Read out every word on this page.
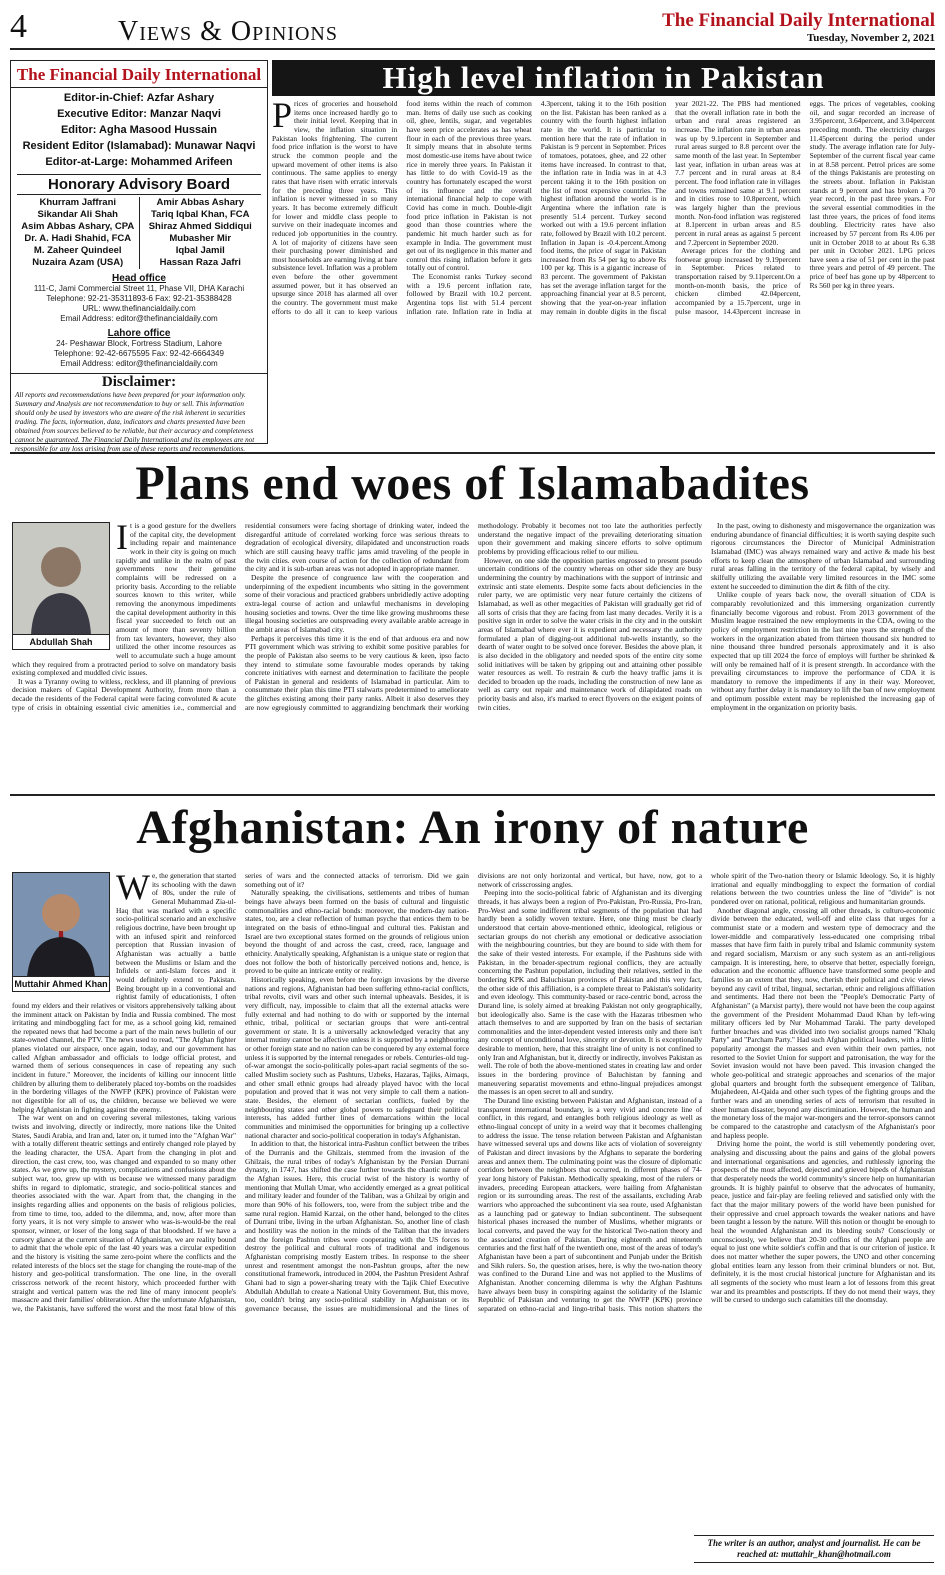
4	Views & Opinions	The Financial Daily International
Tuesday, November 2, 2021
The Financial Daily International
Editor-in-Chief: Azfar Ashary
Executive Editor: Manzar Naqvi
Editor: Agha Masood Hussain
Resident Editor (Islamabad): Munawar Naqvi
Editor-at-Large: Mohammed Arifeen
Honorary Advisory Board
Khurram Jaffrani
Sikandar Ali Shah
Asim Abbas Ashary, CPA
Dr. A. Hadi Shahid, FCA
M. Zaheer Quindeel
Nuzaira Azam (USA)
Amir Abbas Ashary
Tariq Iqbal Khan, FCA
Shiraz Ahmed Siddiqui
Mubasher Mir
Iqbal Jamil
Hassan Raza Jafri
Head office
111-C, Jami Commercial Street 11, Phase VII, DHA Karachi
Telephone: 92-21-35311893-6 Fax: 92-21-35388428
URL: www.thefinancialdaily.com
Email Address: editor@thefinancialdaily.com
Lahore office
24- Peshawar Block, Fortress Stadium, Lahore
Telephone: 92-42-6675595 Fax: 92-42-6664349
Email Address: editor@thefinancialdaily.com
Disclaimer:
All reports and recommendations have been prepared for your information only. Summary and Analysis are not recommendation to buy or sell. This information should only be used by investors who are aware of the risk inherent in securities trading. The facts, information, data, indicators and charts presented have been obtained from sources believed to be reliable, but their accuracy and completeness cannot be guaranteed. The Financial Daily International and its employees are not responsible for any loss arising from use of these reports and recommendations.
High level inflation in Pakistan

Prices of groceries and household items once increased hardly go to their initial level. Keeping that in view, the inflation situation in Pakistan looks frightening. The current food price inflation is the worst to have struck the common people and the upward movement of other items is also continuous. The same applies to energy rates that have risen with erratic intervals for the preceding three years. This inflation is never witnessed in so many years. It has become extremely difficult for lower and middle class people to survive on their inadequate incomes and reduced job opportunities in the country. A lot of majority of citizens have seen their purchasing power diminished and most households are earning living at bare subsistence level. Inflation was a problem even before the other government assumed power, but it has observed an upsurge since 2018 has alarmed all over the country. The government must make efforts to do all it can to keep various food items within the reach of common man. Items of daily use such as cooking oil, ghee, lentils, sugar, and vegetables have seen price accelerates as has wheat flour in each of the previous three years. It simply means that in absolute terms most domestic-use items have about twice rice in merely three years. In Pakistan it has little to do with Covid-19 as the country has fortunately escaped the worst of its influence and the overall international financial help to cope with Covid has come in much. Double-digit food price inflation in Pakistan is not good than those countries where the pandemic hit much harder such as for example in India. The government must get out of its negligence in this matter and control this rising inflation before it gets totally out of control.

The Economist ranks Turkey second with a 19.6 percent inflation rate, followed by Brazil with 10.2 percent. Argentina tops list with 51.4 percent inflation rate. Inflation rate in India at 4.3percent, taking it to the 16th position on the list. Pakistan has been ranked as a country with the fourth highest inflation rate in the world. It is particular to mention here that the rate of inflation in Pakistan is 9 percent in September. Prices of tomatoes, potatoes, ghee, and 22 other items have increased. In contrast to that, the inflation rate in India was in at 4.3 percent taking it to the 16th position on the list of most expensive countries. The highest inflation around the world is in Argentina where the inflation rate is presently 51.4 percent. Turkey second worked out with a 19.6 percent inflation rate, followed by Brazil with 10.2 percent. Inflation in Japan is -0.4.percent.Among food items, the price of sugar in Pakistan increased from Rs 54 per kg to above Rs 100 per kg. This is a gigantic increase of 83 percent. The government of Pakistan has set the average inflation target for the approaching financial year at 8.5 percent, showing that the year-on-year inflation may remain in double digits in the fiscal year 2021-22. The PBS had mentioned that the overall inflation rate in both the urban and rural areas registered an increase. The inflation rate in urban areas was up by 9.1percent in September and rural areas surged to 8.8 percent over the same month of the last year. In September last year, inflation in urban areas was at 7.7 percent and in rural areas at 8.4 percent. The food inflation rate in villages and towns remained same at 9.1 percent and in cities rose to 10.8percent, which was largely higher than the previous month. Non-food inflation was registered at 8.1percent in urban areas and 8.5 percent in rural areas as against 5 percent and 7.2percent in September 2020.

Average prices for the clothing and footwear group increased by 9.19percent in September. Prices related to transportation raised by 9.11percent.On a month-on-month basis, the price of chicken climbed 42.04percent, accompanied by a 15.7percent, urge in pulse masoor, 14.43percent increase in eggs. The prices of vegetables, cooking oil, and sugar recorded an increase of 3.95percent, 3.64percent, and 3.04percent preceding month. The electricity charges 11.45percent during the period under study. The average inflation rate for July-September of the current fiscal year came in at 8.58 percent. Petrol prices are some of the things Pakistanis are protesting on the streets about. Inflation in Pakistan stands at 9 percent and has broken a 70 year record, in the past three years. For the several essential commodities in the last three years, the prices of food items doubling. Electricity rates have also increased by 57 percent from Rs 4.06 per unit in October 2018 to at about Rs 6.38 per unit in October 2021. LPG prices have seen a rise of 51 per cent in the past three years and petrol of 49 percent. The price of beef has gone up by 48percent to Rs 560 per kg in three years.

Plans end woes of Islamabadites
Abdullah Shah

It is a good gesture for the dwellers of the capital city, the development including repair and maintenance work in their city is going on much rapidly and unlike in the realm of past governments now their genuine complaints will be redressed on a priority basis. According to the reliable sources known to this writer, while removing the anonymous impediments the capital development authority in this fiscal year succeeded to fetch out an amount of more than seventy billion from tax levanters, however, they also utilized the other income resources as well to accumulate such a huge amount which they required from a protracted period to solve on mandatory basis existing complexed and muddled civic issues.

It was a Tyranny owing to witless, reckless, and ill planning of previous decision makers of Capital Development Authority, from more than a decade the residents of the Federal capital were facing convoluted & acute type of crisis in obtaining essential civic amenities i.e., commercial and residential consumers were facing shortage of drinking water, indeed the disregardful attitude of correlated working force was serious threats to degradation of ecological diversity, dilapidated and unconstruction roads which are still causing heavy traffic jams amid traveling of the people in the twin cities. even course of action for the collection of redundant from the city and it is sub-urban areas was not adopted in appropriate manner.

Despite the presence of congruence law with the cooperation and underpinning of the expedient incumbents who sitting in the government some of their voracious and practiced grabbers unbridledly active adopting extra-legal course of action and unlawful mechanisms in developing housing societies and towns. Over the time like growing mushrooms these illegal housing societies are outspreading every available arable acreage in the ambit areas of Islamabad city.

Perhaps it perceives this time it is the end of that arduous era and now PTI government which was striving to exhibit some positive parables for the people of Pakistan also seems to be very cautious & keen, ipso facto they intend to stimulate some favourable modes operands by taking concrete initiatives with earnest and determination to facilitate the people of Pakistan in general and residents of Islamabad in particular. Aim to consummate their plan this time PTI stalwarts predetermined to ameliorate the glitches existing among their party ranks. Albeit it also deserves they are now egregiously committed to aggrandizing benchmark their working methodology. Probably it becomes not too late the authorities perfectly understand the negative impact of the prevailing deteriorating situation upon their government and making sincere efforts to solve optimum problems by providing efficacious relief to our milieu.

However, on one side the opposition parties engrossed to present pseudo uncertain conditions of the country whereas on other side they are busy undermining the country by machinations with the support of intrinsic and extrinsic anti state elements. Despite some facts about deficiencies in the ruler party, we are optimistic very near future certainly the citizens of Islamabad, as well as other megacities of Pakistan will gradually get rid of all sorts of crisis that they are facing from last many decades. Verily it is a positive sign in order to solve the water crisis in the city and in the outskirt areas of Islamabad where ever it is expedient and necessary the authority formulated a plan of digging-out additional tub-wells instantly, so the dearth of water ought to be solved once forever. Besides the above plan, it is also decided in the obligatory and needed spots of the entire city some solid initiatives will be taken by gripping out and attaining other possible water resources as well. To restrain & curb the heavy traffic jams it is decided to broaden up the roads, including the construction of new lane as well as carry out repair and maintenance work of dilapidated roads on priority basis and also, it's marked to erect flyovers on the exigent points of twin cities.

In the past, owing to dishonesty and misgovernance the organization was enduring abundance of financial difficulties; it is worth saying despite such rigorous circumstances the Director of Municipal Administration Islamabad (IMC) was always remained wary and active & made his best efforts to keep clean the atmosphere of urban Islamabad and surrounding rural areas falling in the territory of the federal capital, by wisely and skilfully utilizing the available very limited resources in the IMC some extent he succeeded to diminution the dirt & filth of the city.

Unlike couple of years back now, the overall situation of CDA is comparably revolutionized and this immersing organization currently financially become vigorous and robust. From 2013 government of the Muslim league restrained the new employments in the CDA, owing to the policy of employment restriction in the last nine years the strength of the workers in the organization abated from thirteen thousand six hundred to nine thousand three hundred personals approximately and it is also expected that up till 2024 the force of employs will further be shrinked & will only be remained half of it is present strength. In accordance with the prevailing circumstances to improve the performance of CDA it is mandatory to remove the impediments if any in their way. Moreover, without any further delay it is mandatory to lift the ban of new employment and optimum possible extent may be replenished the increasing gap of employment in the organization on priority basis.

Afghanistan: An irony of nature
Muttahir Ahmed Khan

We, the generation that started its schooling with the dawn of 80s, under the rule of General Muhammad Zia-ul-Haq that was marked with a specific socio-political scenario and an exclusive religious doctrine, have been brought up with an infused spirit and reinforced perception that Russian invasion of Afghanistan was actually a battle between the Muslims or Islam and the Infidels or anti-Islam forces and it would definitely extend to Pakistan. Being brought up in a conventional and rightist family of educationists, I often found my elders and their relatives or visitors apprehensively talking about the imminent attack on Pakistan by India and Russia combined. The most irritating and mindboggling fact for me, as a school going kid, remained the repeated news that had become a part of the main news bulletin of our state-owned channel, the PTV. The news used to read, "The Afghan fighter planes violated our airspace, once again, today, and our government has called Afghan ambassador and officials to lodge official protest, and warned them of serious consequences in case of repeating any such incident in future." Moreover, the incidents of killing our innocent little children by alluring them to deliberately placed toy-bombs on the roadsides in the bordering villages of the NWFP (KPK) province of Pakistan were not digestible for all of us, the children, because we believed we were helping Afghanistan in fighting against the enemy.

The war went on and on covering several milestones, taking various twists and involving, directly or indirectly, more nations like the United States, Saudi Arabia, and Iran and, later on, it turned into the "Afghan War" with a totally different theatric settings and entirely changed role played by the leading character, the USA. Apart from the changing in plot and direction, the cast crew, too, was changed and expanded to so many other states. As we grew up, the mystery, complications and confusions about the subject war, too, grew up with us because we witnessed many paradigm shifts in regard to diplomatic, strategic, and socio-political stances and theories associated with the war. Apart from that, the changing in the insights regarding allies and opponents on the basis of religious policies, from time to time, too, added to the dilemma, and, now, after more than forty years, it is not very simple to answer who was-is-would-be the real sponsor, winner, or loser of the long saga of that bloodshed. If we have a cursory glance at the current situation of Afghanistan, we are reality bound to admit that the whole epic of the last 40 years was a circular expedition and the history is visiting the same zero-point where the conflicts and the related interests of the blocs set the stage for changing the route-map of the history and geo-political transformation. The one line, in the overall crisscross network of the recent history, which proceeded further with straight and vertical pattern was the red line of many innocent people's massacre and their families' obliteration. After the unfortunate Afghanistan, we, the Pakistanis, have suffered the worst and the most fatal blow of this series of wars and the connected attacks of terrorism. Did we gain something out of it?

Naturally speaking, the civilisations, settlements and tribes of human beings have always been formed on the basis of cultural and linguistic commonalities and ethno-racial bonds: moreover, the modern-day nation-states, too, are a clear reflection of human psyche that entices them to be integrated on the basis of ethno-lingual and cultural ties. Pakistan and Israel are two exceptional states formed on the grounds of religious union beyond the thought of and across the cast, creed, race, language and ethnicity. Analytically speaking, Afghanistan is a unique state or region that does not follow the both of historically perceived notions and, hence, is proved to be quite an intricate entity or reality.

Historically speaking, even before the foreign invasions by the diverse nations and regions, Afghanistan had been suffering ethno-racial conflicts, tribal revolts, civil wars and other such internal upheavals. Besides, it is very difficult, nay, impossible to claim that all the external attacks were fully external and had nothing to do with or supported by the internal ethnic, tribal, political or sectarian groups that were anti-central government or state. It is a universally acknowledged veracity that any internal mutiny cannot be affective unless it is supported by a neighbouring or other foreign state and no nation can be conquered by any external force unless it is supported by the internal renegades or rebels. Centuries-old tug-of-war amongst the socio-politically poles-apart racial segments of the so-called Muslim society such as Pashtuns, Uzbeks, Hazaras, Tajiks, Aimaqs, and other small ethnic groups had already played havoc with the local population and proved that it was not very simple to call them a nation-state. Besides, the element of sectarian conflicts, fueled by the neighbouring states and other global powers to safeguard their political interests, has added further lines of demarcations within the local communities and minimised the opportunities for bringing up a collective national character and socio-political cooperation in today's Afghanistan.

In addition to that, the historical intra-Pashtun conflict between the tribes of the Durranis and the Ghilzais, stemmed from the invasion of the Ghilzais, the rural tribes of today's Afghanistan by the Persian Durrani dynasty, in 1747, has shifted the case further towards the chaotic nature of the Afghan issues. Here, this crucial twist of the history is worthy of mentioning that Mullah Umar, who accidently emerged as a great political and military leader and founder of the Taliban, was a Ghilzai by origin and more than 90% of his followers, too, were from the subject tribe and the same rural region. Hamid Karzai, on the other hand, belonged to the clites of Durrani tribe, living in the urban Afghanistan. So, another line of clash and hostility was the notion in the minds of the Taliban that the invaders and the foreign Pashtun tribes were cooperating with the US forces to destroy the political and cultural roots of traditional and indigenous Afghanistan comprising mostly Eastern tribes. In response to the sheer unrest and resentment amongst the non-Pashtun groups, after the new constitutional framework, introduced in 2004, the Pashtun President Ashraf Ghani had to sign a power-sharing treaty with the Tajik Chief Executive Abdullah Abdullah to create a National Unity Government. But, this move, too, couldn't bring any socio-political stability in Afghanistan or its governance because, the issues are multidimensional and the lines of divisions are not only horizontal and vertical, but have, now, got to a network of crisscrossing angles.

Peeping into the socio-political fabric of Afghanistan and its diverging threads, it has always been a region of Pro-Pakistan, Pro-Russia, Pro-Iran, Pro-West and some indifferent tribal segments of the population that had hardly been a solidly woven texture. Here, one thing must be clearly understood that certain above-mentioned ethnic, ideological, religious or sectarian groups do not cherish any emotional or dedicative association with the neighbouring countries, but they are bound to side with them for the sake of their vested interests. For example, if the Pashtuns side with Pakistan, in the broader-spectrum regional conflicts, they are actually concerning the Pashtun population, including their relatives, settled in the bordering KPK and Baluchistan provinces of Pakistan and this very fact, the other side of this affiliation, is a complete threat to Pakistan's solidarity and even ideology. This community-based or race-centric bond, across the Durand line, is solely aimed at breaking Pakistan not only geographically, but ideologically also. Same is the case with the Hazaras tribesmen who attach themselves to and are supported by Iran on the basis of sectarian commonalities and the inter-dependent vested interests only and there isn't any concept of unconditional love, sincerity or devotion. It is exceptionally desirable to mention, here, that this straight line of unity is not confined to only Iran and Afghanistan, but it, directly or indirectly, involves Pakistan as well. The role of both the above-mentioned states in creating law and order issues in the bordering province of Baluchistan by fanning and maneuvering separatist movements and ethno-lingual prejudices amongst the masses is an open secret to all and sundry.

The Durand line existing between Pakistan and Afghanistan, instead of a transparent international boundary, is a very vivid and concrete line of conflict, in this regard, and entangles both religious ideology as well as ethno-lingual concept of unity in a weird way that it becomes challenging to address the issue. The tense relation between Pakistan and Afghanistan have witnessed several ups and downs like acts of violation of sovereignty of Pakistan and direct invasions by the Afghans to separate the bordering areas and annex them. The culminating point was the closure of diplomatic corridors between the neighbors that occurred, in different phases of 74-year long history of Pakistan. Methodically speaking, most of the rulers or invaders, preceding European attackers, were hailing from Afghanistan region or its surrounding areas. The rest of the assailants, excluding Arab warriors who approached the subcontinent via sea route, used Afghanistan as a launching pad or gateway to Indian subcontinent. The subsequent historical phases increased the number of Muslims, whether migrants or local converts, and paved the way for the historical Two-nation theory and the associated creation of Pakistan. During eighteenth and nineteenth centuries and the first half of the twentieth one, most of the areas of today's Afghanistan have been a part of subcontinent and Punjab under the British and Sikh rulers. So, the question arises, here, is why the two-nation theory was confined to the Durand Line and was not applied to the Muslims of Afghanistan. Another concerning dilemma is why the Afghan Pashtuns have always been busy in conspiring against the solidarity of the Islamic Republic of Pakistan and venturing to get the NWFP (KPK) province separated on ethno-racial and lingo-tribal basis. This notion shatters the whole spirit of the Two-nation theory or Islamic Ideology. So, it is highly irrational and equally mindboggling to expect the formation of cordial relations between the two countries unless the line of "divide" is not pondered over on rational, political, religious and humanitarian grounds.

Another diagonal angle, crossing all other threads, is culturo-economic divide between the educated, well-off and elite class that urges for a communist state or a modern and western type of democracy and the lower-middle and comparatively less-educated one comprising tribal masses that have firm faith in purely tribal and Islamic community system and regard socialism, Marxism or any such system as an anti-religious campaign. It is interesting, here, to observe that better, especially foreign, education and the economic affluence have transformed some people and families to an extent that they, now, cherish their political and civic views beyond any cavil of tribal, lingual, sectarian, ethnic and religious affiliation and sentiments. Had there not been the "People's Democratic Party of Afghanistan" (a Marxist party), there would not have been the coup against the government of the President Mohammad Daud Khan by left-wing military officers led by Nur Mohammad Taraki. The party developed further breaches and was divided into two socialist groups named "Khalq Party" and "Parcham Party." Had such Afghan political leaders, with a little popularity amongst the masses and even within their own parties, not resorted to the Soviet Union for support and patronisation, the way for the Soviet invasion would not have been paved. This invasion changed the whole geo-political and strategic approaches and scenarios of the major global quarters and brought forth the subsequent emergence of Taliban, Mujahedeen, Al-Qaida and other such types of the fighting groups and the further wars and an unending series of acts of terrorism that resulted in sheer human disaster, beyond any discrimination. However, the human and the monetary loss of the major war-mongers and the terror-sponsors cannot be compared to the catastrophe and cataclysm of the Afghanistan's poor and hapless people.

Driving home the point, the world is still vehemently pondering over, analysing and discussing about the pains and gains of the global powers and international organisations and agencies, and ruthlessly ignoring the prospects of the most affected, dejected and grieved bipeds of Afghanistan that desperately needs the world community's sincere help on humanitarian grounds. It is highly painful to observe that the advocates of humanity, peace, justice and fair-play are feeling relieved and satisfied only with the fact that the major military powers of the world have been punished for their oppressive and cruel approach towards the weaker nations and have been taught a lesson by the nature. Will this notion or thought be enough to heal the wounded Afghanistan and its bleeding souls? Consciously or unconsciously, we believe that 20-30 coffins of the Afghani people are equal to just one white soldier's coffin and that is our criterion of justice. It does not matter whether the super powers, the UNO and other concerning global entities learn any lesson from their criminal blunders or not. But, definitely, it is the most crucial historical juncture for Afghanistan and its all segments of the society who must learn a lot of lessons from this great war and its preambles and postscripts. If they do not mend their ways, they will be cursed to undergo such calamities till the doomsday.

The writer is an author, analyst and journalist. He can be reached at: muttahir_khan@hotmail.com
